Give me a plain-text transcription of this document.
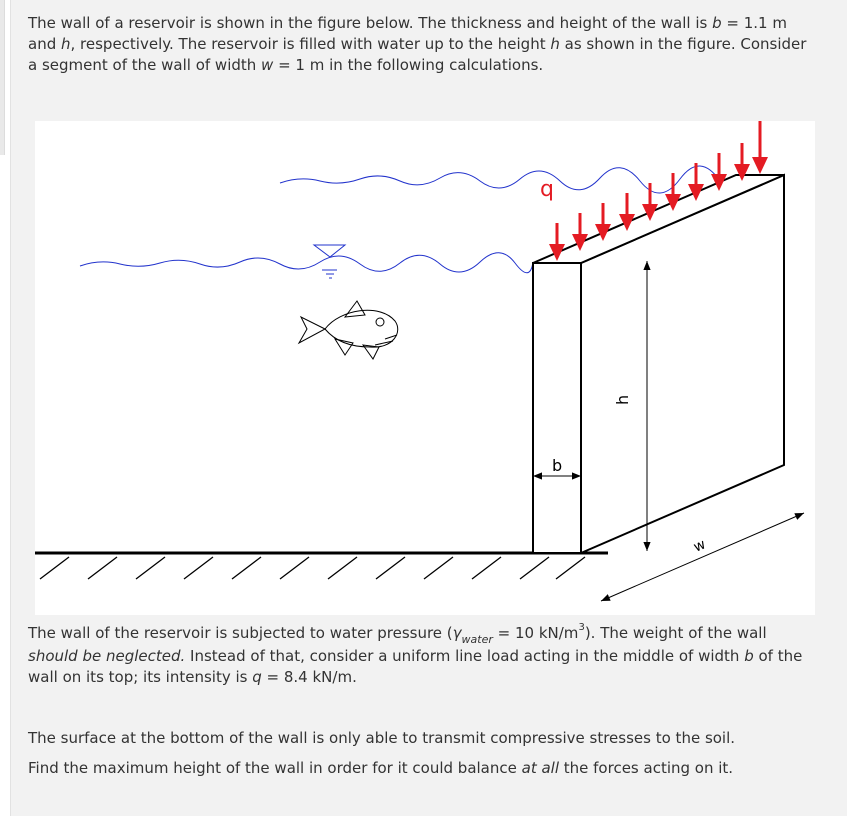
The wall of a reservoir is shown in the figure below. The thickness and height of the wall is b = 1.1 m and h, respectively. The reservoir is filled with water up to the height h as shown in the figure. Consider a segment of the wall of width w = 1 m in the following calculations.

q
h
b
w

The wall of the reservoir is subjected to water pressure ($\gamma_{water} = 10$ $kN/m^3$). The weight of the wall should be neglected. Instead of that, consider a uniform line load acting in the middle of width b of the wall on its top; its intensity is q = 8.4 kN/m.

The surface at the bottom of the wall is only able to transmit compressive stresses to the soil.

Find the maximum height of the wall in order for it could balance at all the forces acting on it.
